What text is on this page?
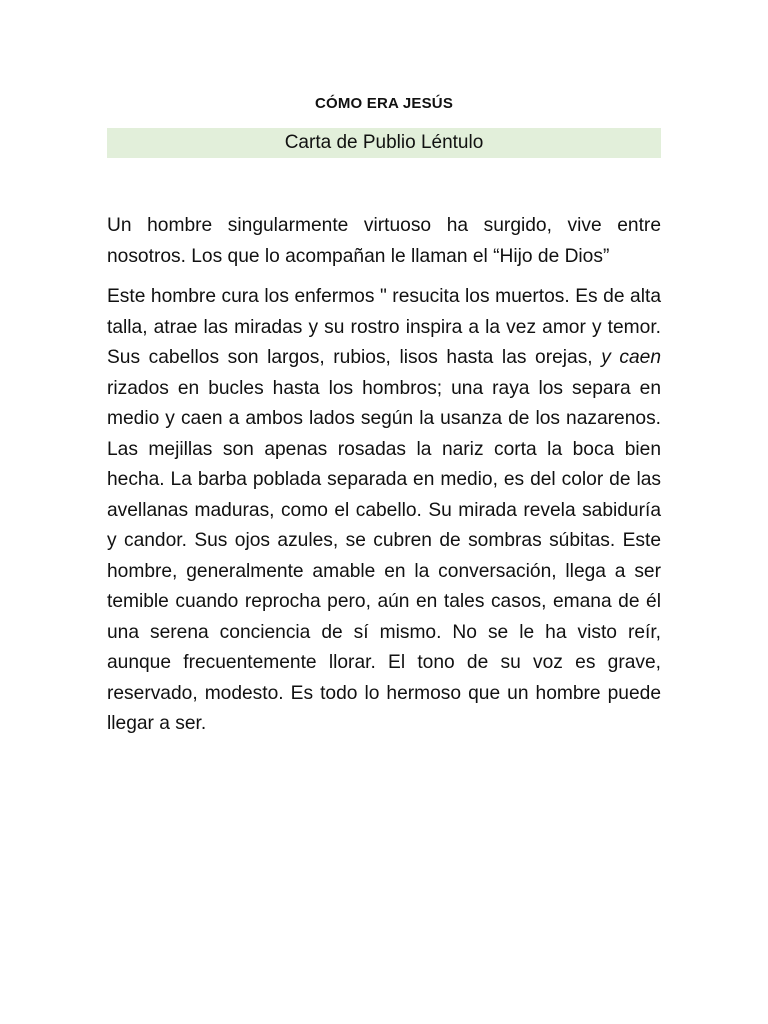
CÓMO ERA JESÚS
Carta de Publio Léntulo

Un hombre singularmente virtuoso ha surgido, vive entre nosotros. Los que lo acompañan le llaman el “Hijo de Dios”

Este hombre cura los enfermos " resucita los muertos. Es de alta talla, atrae las miradas y su rostro inspira a la vez amor y temor. Sus cabellos son largos, rubios, lisos hasta las orejas, y caen rizados en bucles hasta los hombros; una raya los separa en medio y caen a ambos lados según la usanza de los nazarenos. Las mejillas son apenas rosadas la nariz corta la boca bien hecha. La barba poblada separada en medio, es del color de las avellanas maduras, como el cabello. Su mirada revela sabiduría y candor. Sus ojos azules, se cubren de sombras súbitas. Este hombre, generalmente amable en la conversación, llega a ser temible cuando reprocha pero, aún en tales casos, emana de él una serena conciencia de sí mismo. No se le ha visto reír, aunque frecuentemente llorar. El tono de su voz es grave, reservado, modesto. Es todo lo hermoso que un hombre puede llegar a ser.
